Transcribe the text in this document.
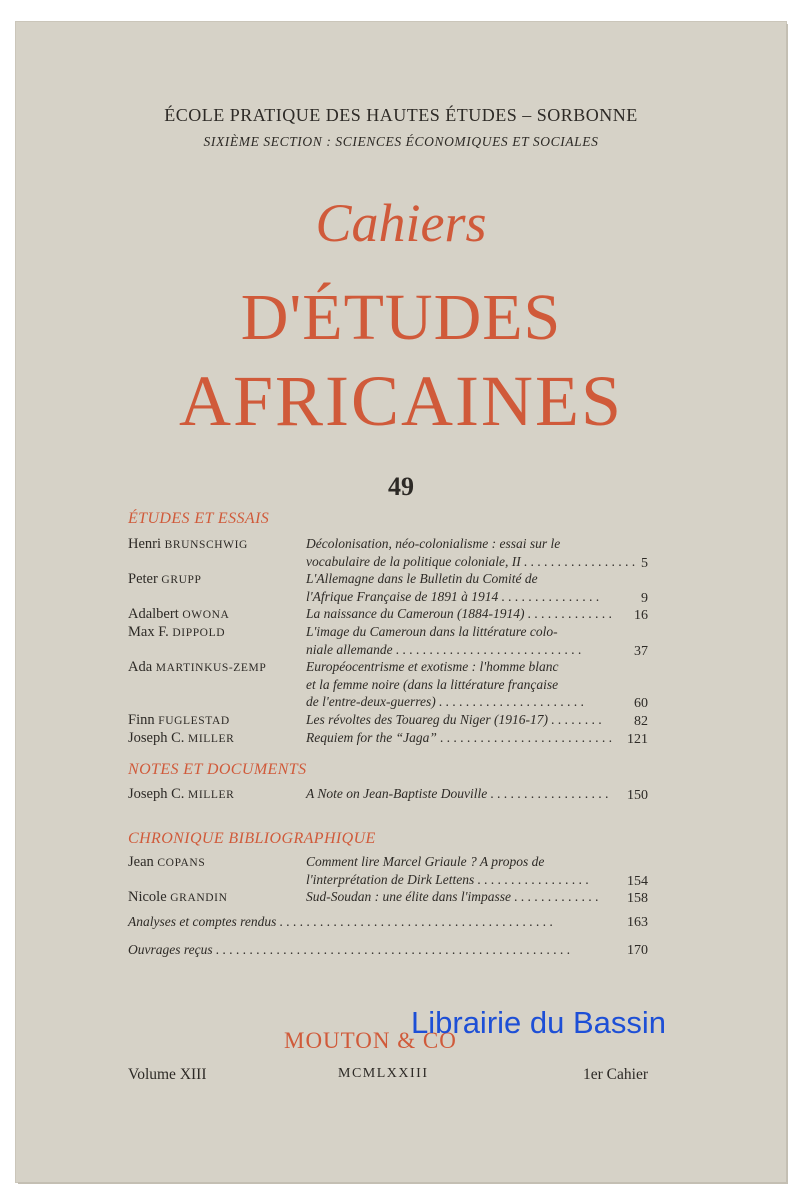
ÉCOLE PRATIQUE DES HAUTES ÉTUDES – SORBONNE
SIXIÈME SECTION : SCIENCES ÉCONOMIQUES ET SOCIALES
Cahiers
D'ÉTUDES
AFRICAINES
49
ÉTUDES ET ESSAIS
Henri BRUNSCHWIG	Décolonisation, néo-colonialisme : essai sur le
vocabulaire de la politique coloniale, II . . . . . . . . . . . . . . . . . 5
Peter GRUPP	L'Allemagne dans le Bulletin du Comité de
l'Afrique Française de 1891 à 1914 . . . . . . . . . . . . . . .	9
Adalbert OWONA	La naissance du Cameroun (1884-1914) . . . . . . . . . . . . . 16
Max F. DIPPOLD	L'image du Cameroun dans la littérature colo-
niale allemande . . . . . . . . . . . . . . . . . . . . . . . . . . . .	37
Ada MARTINKUS-ZEMP	Européocentrisme et exotisme : l'homme blanc
et la femme noire (dans la littérature française
de l'entre-deux-guerres) . . . . . . . . . . . . . . . . . . . . . .	60
Finn FUGLESTAD	Les révoltes des Touareg du Niger (1916-17) . . . . . . . . 82
Joseph C. MILLER	Requiem for the “Jaga” . . . . . . . . . . . . . . . . . . . . . . . . . . 121
NOTES ET DOCUMENTS
Joseph C. MILLER	A Note on Jean-Baptiste Douville . . . . . . . . . . . . . . . . . . 150
CHRONIQUE BIBLIOGRAPHIQUE
Jean COPANS	Comment lire Marcel Griaule ? A propos de
l'interprétation de Dirk Lettens . . . . . . . . . . . . . . . . .	154
Nicole GRANDIN	Sud-Soudan : une élite dans l'impasse . . . . . . . . . . . . . 158
Analyses et comptes rendus . . . . . . . . . . . . . . . . . . . . . . . . . . . . . . . . . . . . . . . . .	163
Ouvrages reçus . . . . . . . . . . . . . . . . . . . . . . . . . . . . . . . . . . . . . . . . . . . . . . . . . . . . .	170
MOUTON & CO
Volume XIII	MCMLXXIII	1er Cahier
Librairie du Bassin
